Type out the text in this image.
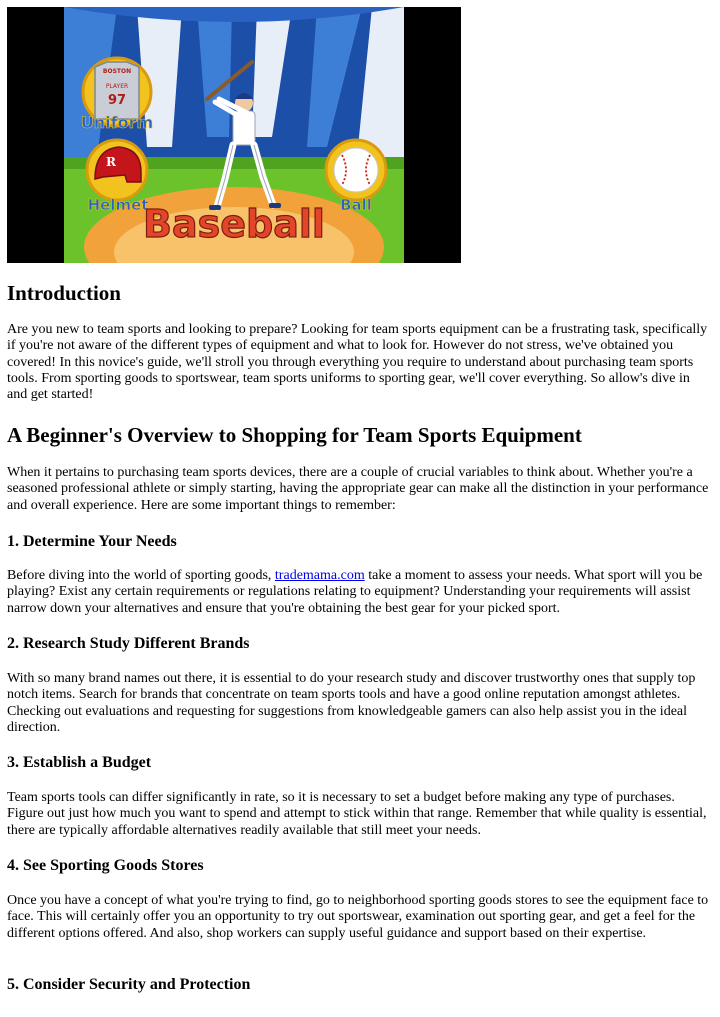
BOSTON
PLAYER
97
Uniform
R
Helmet	Ball
Baseball
Introduction

Are you new to team sports and looking to prepare? Looking for team sports equipment can be a frustrating task, specifically if you're not aware of the different types of equipment and what to look for. However do not stress, we've obtained you covered! In this novice's guide, we'll stroll you through everything you require to understand about purchasing team sports tools. From sporting goods to sportswear, team sports uniforms to sporting gear, we'll cover everything. So allow's dive in and get started!

A Beginner's Overview to Shopping for Team Sports Equipment

When it pertains to purchasing team sports devices, there are a couple of crucial variables to think about. Whether you're a seasoned professional athlete or simply starting, having the appropriate gear can make all the distinction in your performance and overall experience. Here are some important things to remember:

1. Determine Your Needs

Before diving into the world of sporting goods, trademama.com take a moment to assess your needs. What sport will you be playing? Exist any certain requirements or regulations relating to equipment? Understanding your requirements will assist narrow down your alternatives and ensure that you're obtaining the best gear for your picked sport.

2. Research Study Different Brands

With so many brand names out there, it is essential to do your research study and discover trustworthy ones that supply top notch items. Search for brands that concentrate on team sports tools and have a good online reputation amongst athletes. Checking out evaluations and requesting for suggestions from knowledgeable gamers can also help assist you in the ideal direction.

3. Establish a Budget

Team sports tools can differ significantly in rate, so it is necessary to set a budget before making any type of purchases. Figure out just how much you want to spend and attempt to stick within that range. Remember that while quality is essential, there are typically affordable alternatives readily available that still meet your needs.

4. See Sporting Goods Stores

Once you have a concept of what you're trying to find, go to neighborhood sporting goods stores to see the equipment face to face. This will certainly offer you an opportunity to try out sportswear, examination out sporting gear, and get a feel for the different options offered. And also, shop workers can supply useful guidance and support based on their expertise.

5. Consider Security and Protection
